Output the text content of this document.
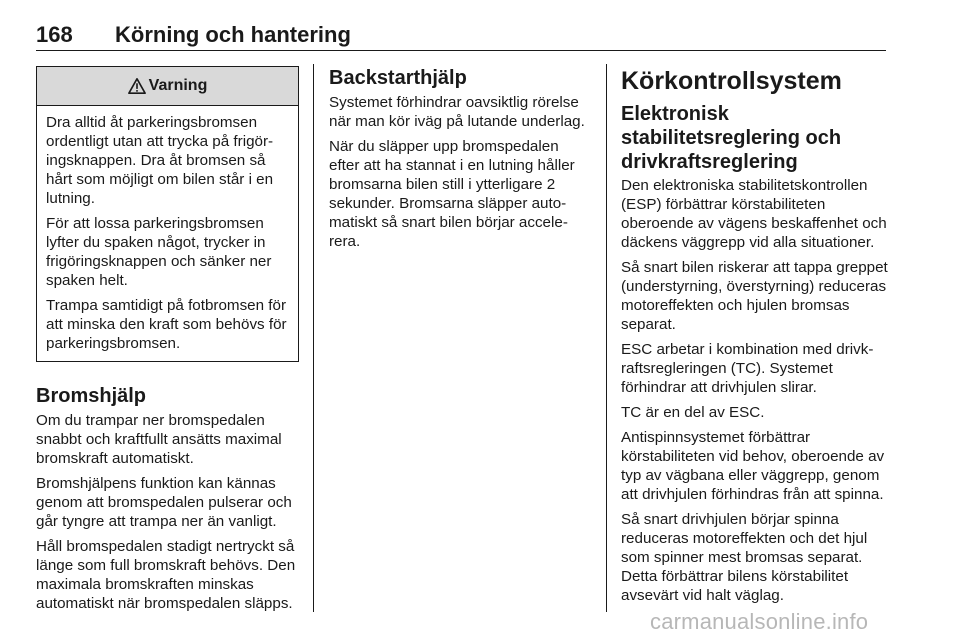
168 Körning och hantering
Varning

Dra alltid åt parkeringsbromsen ordentligt utan att trycka på frigöringsknappen. Dra åt bromsen så hårt som möjligt om bilen står i en lutning.

För att lossa parkeringsbromsen lyfter du spaken något, trycker in frigöringsknappen och sänker ner spaken helt.

Trampa samtidigt på fotbromsen för att minska den kraft som behövs för parkeringsbromsen.

Bromshjälp

Om du trampar ner bromspedalen snabbt och kraftfullt ansätts maximal bromskraft automatiskt.

Bromshjälpens funktion kan kännas genom att bromspedalen pulserar och går tyngre att trampa ner än vanligt.

Håll bromspedalen stadigt nertryckt så länge som full bromskraft behövs. Den maximala bromskraften minskas automatiskt när bromspedalen släpps.

Backstarthjälp

Systemet förhindrar oavsiktlig rörelse när man kör iväg på lutande underlag.

När du släpper upp bromspedalen efter att ha stannat i en lutning håller bromsarna bilen still i ytterligare 2 sekunder. Bromsarna släpper automatiskt så snart bilen börjar accelerera.

Körkontrollsystem
Elektronisk stabilitetsreglering och drivkraftsreglering

Den elektroniska stabilitetskontrollen (ESP) förbättrar körstabiliteten oberoende av vägens beskaffenhet och däckens väggrepp vid alla situationer.

Så snart bilen riskerar att tappa greppet (understyrning, överstyrning) reduceras motoreffekten och hjulen bromsas separat.

ESC arbetar i kombination med drivkraftsregleringen (TC). Systemet förhindrar att drivhjulen slirar.

TC är en del av ESC.

Antispinnsystemet förbättrar körstabiliteten vid behov, oberoende av typ av vägbana eller väggrepp, genom att drivhjulen förhindras från att spinna.

Så snart drivhjulen börjar spinna reduceras motoreffekten och det hjul som spinner mest bromsas separat. Detta förbättrar bilens körstabilitet avsevärt vid halt väglag.

carmanualsonline.info
